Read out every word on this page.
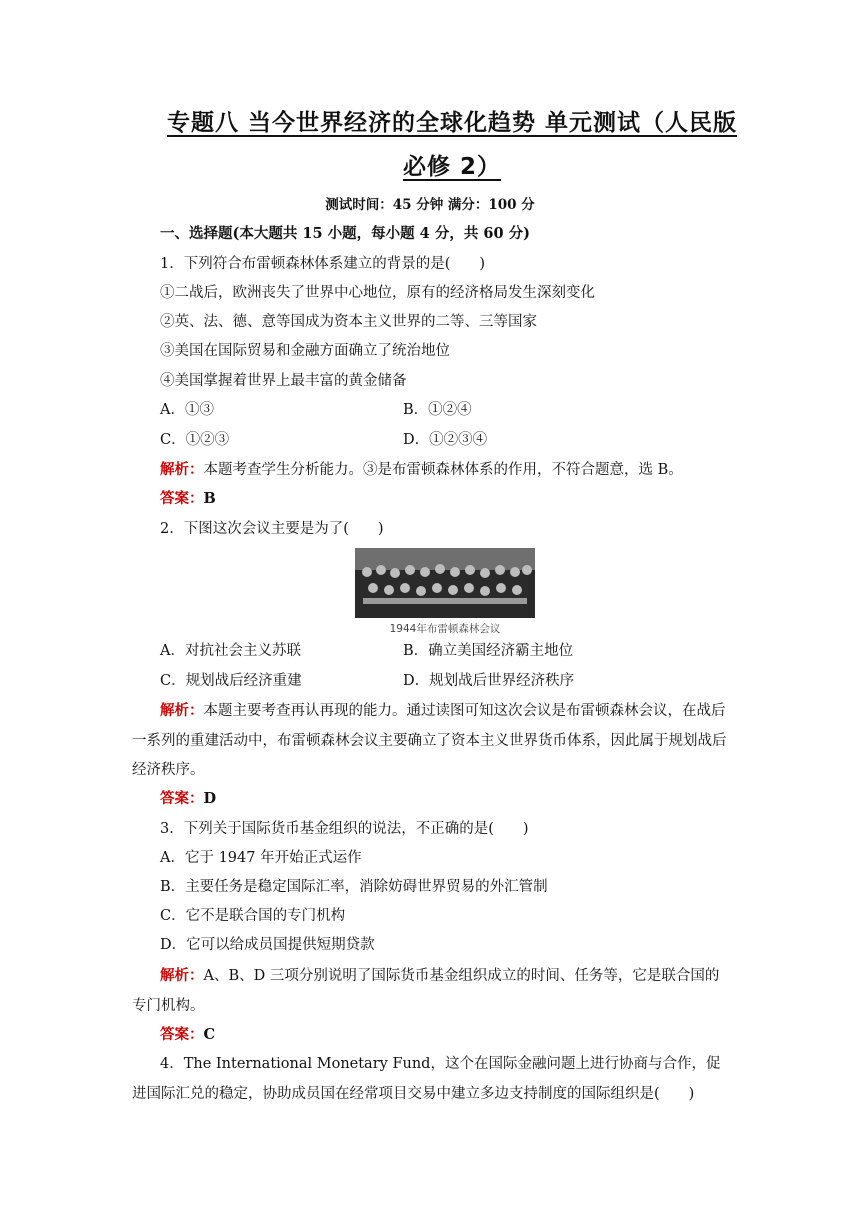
专题八 当今世界经济的全球化趋势 单元测试（人民版
必修 2）
测试时间：45 分钟 满分：100 分
一、选择题(本大题共 15 小题，每小题 4 分，共 60 分)
1．下列符合布雷顿森林体系建立的背景的是(　　)
①二战后，欧洲丧失了世界中心地位，原有的经济格局发生深刻变化
②英、法、德、意等国成为资本主义世界的二等、三等国家
③美国在国际贸易和金融方面确立了统治地位
④美国掌握着世界上最丰富的黄金储备
A．①③	B．①②④
C．①②③	D．①②③④
解析：本题考查学生分析能力。③是布雷顿森林体系的作用，不符合题意，选 B。
答案：B
2．下图这次会议主要是为了(　　)
1944年布雷顿森林会议
A．对抗社会主义苏联	B．确立美国经济霸主地位
C．规划战后经济重建	D．规划战后世界经济秩序
解析：本题主要考查再认再现的能力。通过读图可知这次会议是布雷顿森林会议，在战后一系列的重建活动中，布雷顿森林会议主要确立了资本主义世界货币体系，因此属于规划战后经济秩序。
答案：D
3．下列关于国际货币基金组织的说法，不正确的是(　　)
A．它于 1947 年开始正式运作
B．主要任务是稳定国际汇率，消除妨碍世界贸易的外汇管制
C．它不是联合国的专门机构
D．它可以给成员国提供短期贷款
解析：A、B、D 三项分别说明了国际货币基金组织成立的时间、任务等，它是联合国的专门机构。
答案：C
4．The International Monetary Fund，这个在国际金融问题上进行协商与合作，促进国际汇兑的稳定，协助成员国在经常项目交易中建立多边支持制度的国际组织是(　　)
